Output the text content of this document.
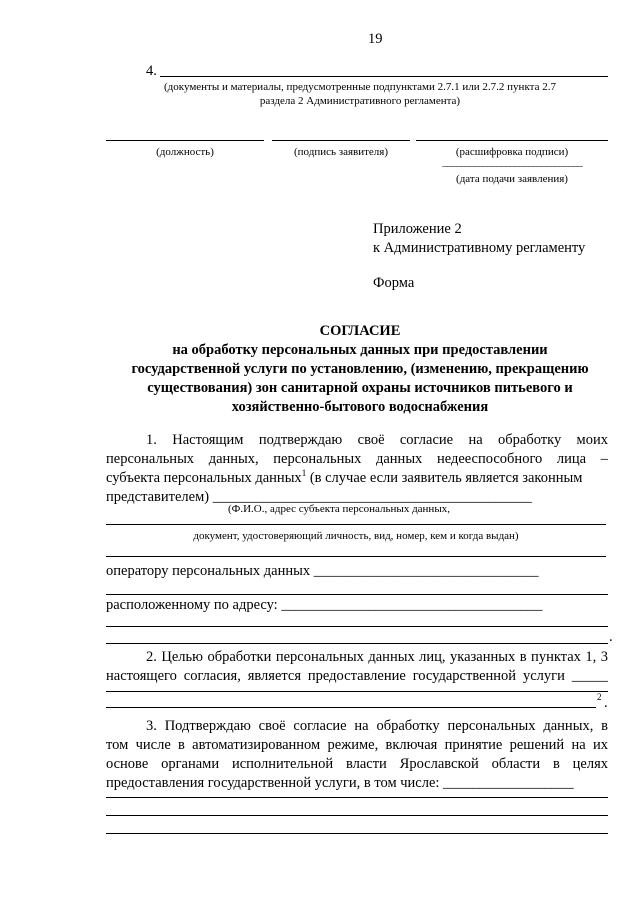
19
4.
(документы и материалы, предусмотренные подпунктами 2.7.1 или 2.7.2 пункта 2.7
раздела 2 Административного регламента)
(должность)	(подпись заявителя)	(расшифровка подписи)
_______________________________
(дата подачи заявления)
Приложение 2
к Административному регламенту
Форма
СОГЛАСИЕ
на обработку персональных данных при предоставлении
государственной услуги по установлению, (изменению, прекращению
существования) зон санитарной охраны источников питьевого и
хозяйственно-бытового водоснабжения
1. Настоящим подтверждаю своё согласие на обработку моих
персональных данных, персональных данных недееспособного лица –
субъекта персональных данных$^1$ (в случае если заявитель является законным
представителем) ____________________________________________
(Ф.И.О., адрес субъекта персональных данных,
документ, удостоверяющий личность, вид, номер, кем и когда выдан)
оператору персональных данных _______________________________
расположенному по адресу: ____________________________________
.
2. Целью обработки персональных данных лиц, указанных в пунктах 1, 3
настоящего согласия, является предоставление государственной услуги _____
2 .
3. Подтверждаю своё согласие на обработку персональных данных, в
том числе в автоматизированном режиме, включая принятие решений на их
основе органами исполнительной власти Ярославской области в целях
предоставления государственной услуги, в том числе: __________________
